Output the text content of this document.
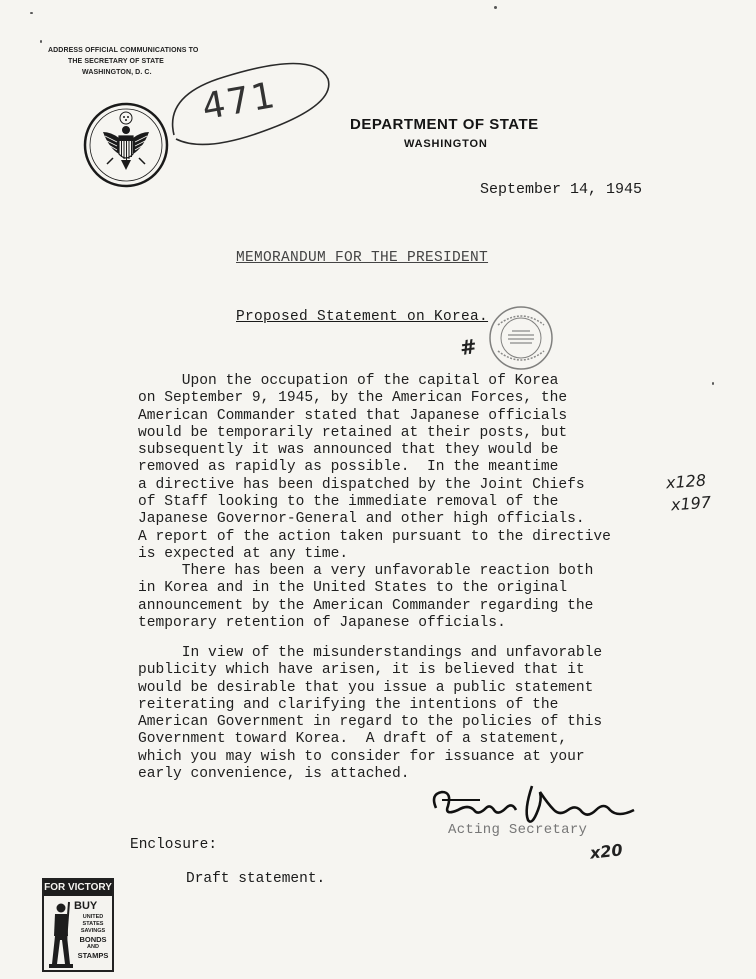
ADDRESS OFFICIAL COMMUNICATIONS TO
THE SECRETARY OF STATE
WASHINGTON, D. C.
471	DEPARTMENT OF STATE
WASHINGTON
September 14, 1945
MEMORANDUM FOR THE PRESIDENT
Proposed Statement on Korea.
#
Upon the occupation of the capital of Korea
on September 9, 1945, by the American Forces, the
American Commander stated that Japanese officials
would be temporarily retained at their posts, but
subsequently it was announced that they would be
removed as rapidly as possible.  In the meantime
a directive has been dispatched by the Joint Chiefs
of Staff looking to the immediate removal of the
Japanese Governor-General and other high officials.
A report of the action taken pursuant to the directive
is expected at any time.
There has been a very unfavorable reaction both
in Korea and in the United States to the original
announcement by the American Commander regarding the
temporary retention of Japanese officials.
In view of the misunderstandings and unfavorable
publicity which have arisen, it is believed that it
would be desirable that you issue a public statement
reiterating and clarifying the intentions of the
American Government in regard to the policies of this
Government toward Korea.  A draft of a statement,
which you may wish to consider for issuance at your
early convenience, is attached.
x128
x197
Acting Secretary
x20
Enclosure:
Draft statement.
FOR VICTORY
BUY
UNITED
STATES
SAVINGS
BONDS
AND
STAMPS
